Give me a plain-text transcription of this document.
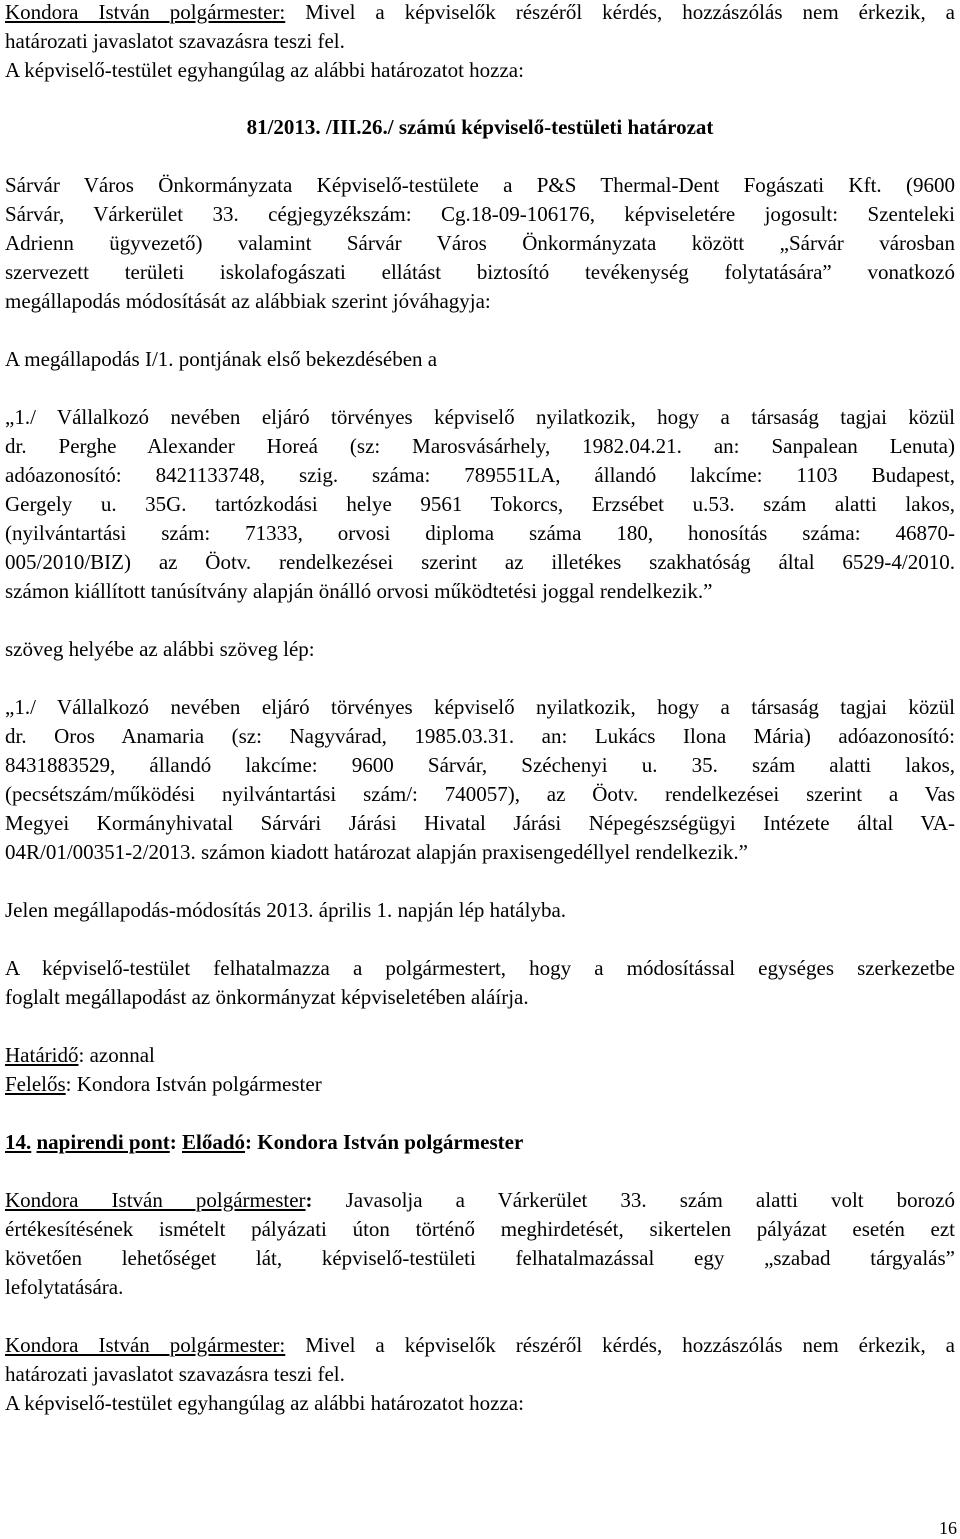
Kondora István polgármester: Mivel a képviselők részéről kérdés, hozzászólás nem érkezik, a
határozati javaslatot szavazásra teszi fel.
A képviselő-testület egyhangúlag az alábbi határozatot hozza:
81/2013. /III.26./ számú képviselő-testületi határozat
Sárvár Város Önkormányzata Képviselő-testülete a P&S Thermal-Dent Fogászati Kft. (9600
Sárvár, Várkerület 33. cégjegyzékszám: Cg.18-09-106176, képviseletére jogosult: Szenteleki
Adrienn ügyvezető) valamint Sárvár Város Önkormányzata között „Sárvár városban
szervezett területi iskolafogászati ellátást biztosító tevékenység folytatására” vonatkozó
megállapodás módosítását az alábbiak szerint jóváhagyja:
A megállapodás I/1. pontjának első bekezdésében a
„1./ Vállalkozó nevében eljáró törvényes képviselő nyilatkozik, hogy a társaság tagjai közül
dr. Perghe Alexander Horeá (sz: Marosvásárhely, 1982.04.21. an: Sanpalean Lenuta)
adóazonosító: 8421133748, szig. száma: 789551LA, állandó lakcíme: 1103 Budapest,
Gergely u. 35G. tartózkodási helye 9561 Tokorcs, Erzsébet u.53. szám alatti lakos,
(nyilvántartási szám: 71333, orvosi diploma száma 180, honosítás száma: 46870-
005/2010/BIZ) az Öotv. rendelkezései szerint az illetékes szakhatóság által 6529-4/2010.
számon kiállított tanúsítvány alapján önálló orvosi működtetési joggal rendelkezik.”
szöveg helyébe az alábbi szöveg lép:
„1./ Vállalkozó nevében eljáró törvényes képviselő nyilatkozik, hogy a társaság tagjai közül
dr. Oros Anamaria (sz: Nagyvárad, 1985.03.31. an: Lukács Ilona Mária) adóazonosító:
8431883529, állandó lakcíme: 9600 Sárvár, Széchenyi u. 35. szám alatti lakos,
(pecsétszám/működési nyilvántartási szám/: 740057), az Öotv. rendelkezései szerint a Vas
Megyei Kormányhivatal Sárvári Járási Hivatal Járási Népegészségügyi Intézete által VA-
04R/01/00351-2/2013. számon kiadott határozat alapján praxisengedéllyel rendelkezik.”
Jelen megállapodás-módosítás 2013. április 1. napján lép hatályba.
A képviselő-testület felhatalmazza a polgármestert, hogy a módosítással egységes szerkezetbe
foglalt megállapodást az önkormányzat képviseletében aláírja.
Határidő: azonnal
Felelős: Kondora István polgármester
14. napirendi pont: Előadó: Kondora István polgármester
Kondora István polgármester: Javasolja a Várkerület 33. szám alatti volt borozó
értékesítésének ismételt pályázati úton történő meghirdetését, sikertelen pályázat esetén ezt
követően lehetőséget lát, képviselő-testületi felhatalmazással egy „szabad tárgyalás”
lefolytatására.
Kondora István polgármester: Mivel a képviselők részéről kérdés, hozzászólás nem érkezik, a
határozati javaslatot szavazásra teszi fel.
A képviselő-testület egyhangúlag az alábbi határozatot hozza:
16
